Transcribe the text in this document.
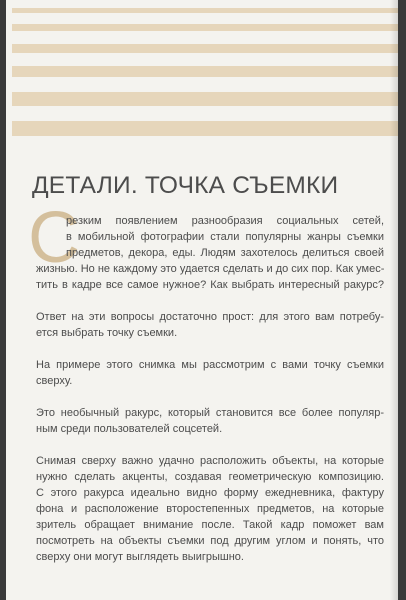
ДЕТАЛИ. ТОЧКА СЪЕМКИ
С

резким появлением разнообразия социальных сетей,

в мобильной фотографии стали популярны жанры съемки

предметов, декора, еды. Людям захотелось делиться своей

жизнью. Но не каждому это удается сделать и до сих пор. Как умес-

тить в кадре все самое нужное? Как выбрать интересный ракурс?

Ответ на эти вопросы достаточно прост: для этого вам потребу-

ется выбрать точку съемки.

На примере этого снимка мы рассмотрим с вами точку съемки

сверху.

Это необычный ракурс, который становится все более популяр-

ным среди пользователей соцсетей.

Снимая сверху важно удачно расположить объекты, на которые

нужно сделать акценты, создавая геометрическую композицию.

С этого ракурса идеально видно форму ежедневника, фактуру

фона и расположение второстепенных предметов, на которые

зритель обращает внимание после. Такой кадр поможет вам

посмотреть на объекты съемки под другим углом и понять, что

сверху они могут выглядеть выигрышно.
